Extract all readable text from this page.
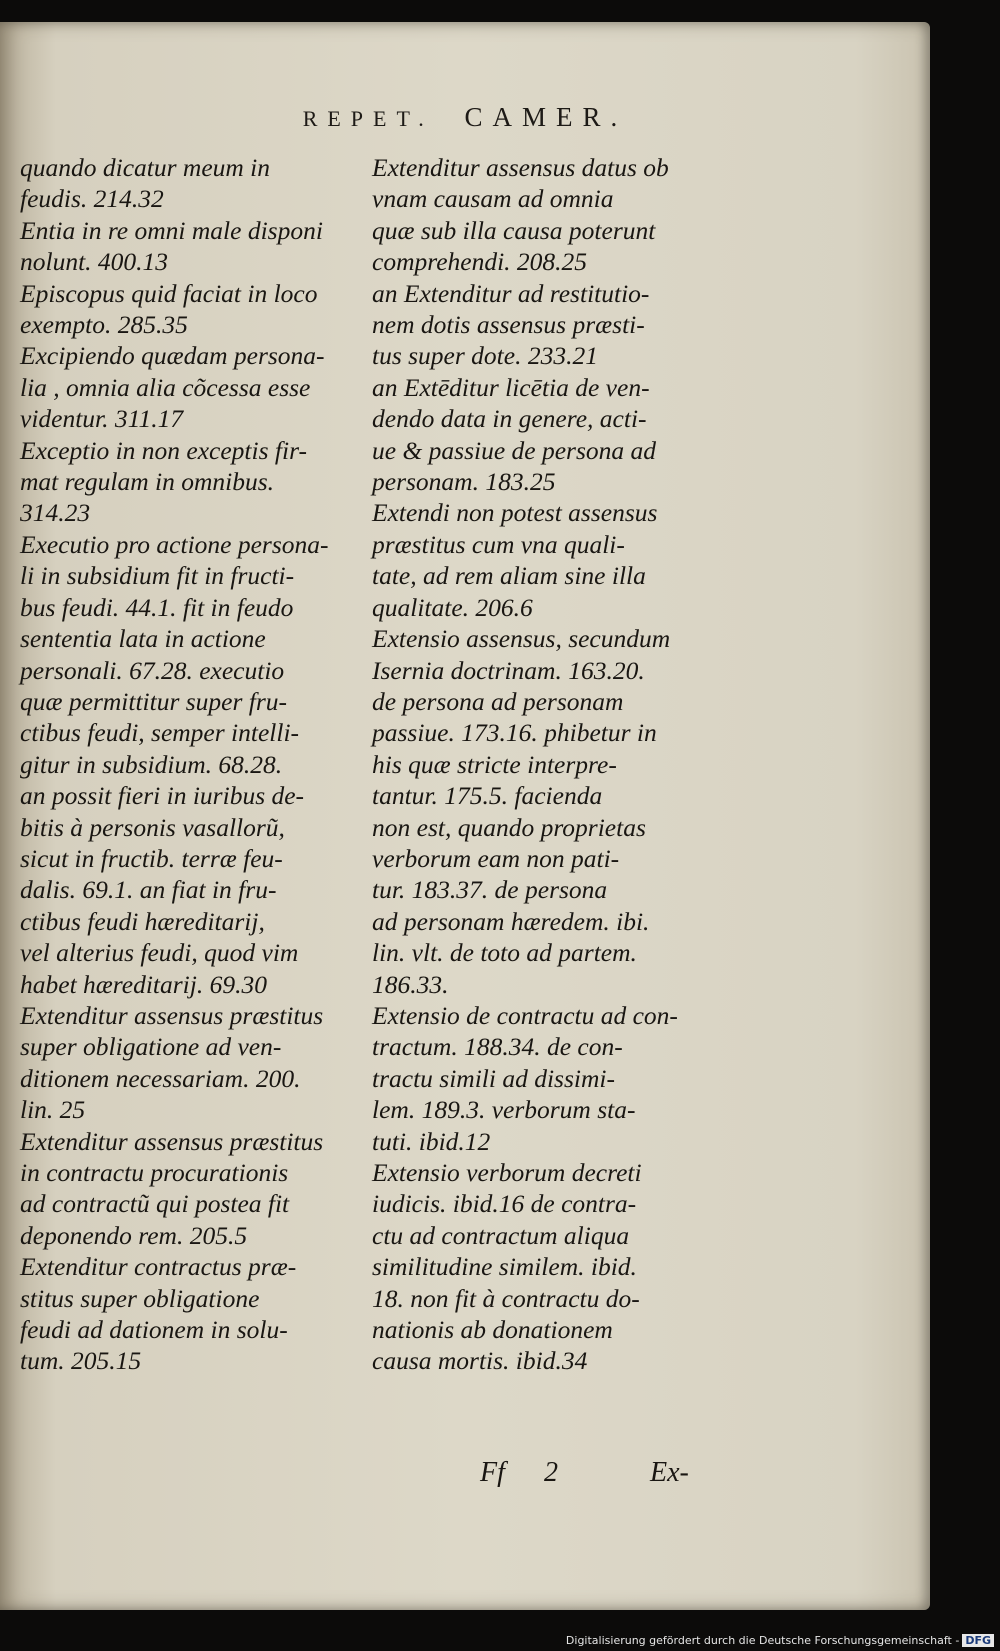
REPET. CAMER.

quando dicatur meum in
feudis. 214.32

Entia in re omni male disponi
nolunt. 400.13

Episcopus quid faciat in loco
exempto. 285.35

Excipiendo quædam persona-
lia , omnia alia cõcessa esse
videntur. 311.17

Exceptio in non exceptis fir-
mat regulam in omnibus.
314.23

Executio pro actione persona-
li in subsidium fit in fructi-
bus feudi. 44.1. fit in feudo
sententia lata in actione
personali. 67.28. executio
quæ permittitur super fru-
ctibus feudi, semper intelli-
gitur in subsidium. 68.28.
an possit fieri in iuribus de-
bitis à personis vasallorũ,
sicut in fructib. terræ feu-
dalis. 69.1. an fiat in fru-
ctibus feudi hæreditarij,
vel alterius feudi, quod vim
habet hæreditarij. 69.30

Extenditur assensus præstitus
super obligatione ad ven-
ditionem necessariam. 200.
lin. 25

Extenditur assensus præstitus
in contractu procurationis
ad contractũ qui postea fit
deponendo rem. 205.5

Extenditur contractus præ-
stitus super obligatione
feudi ad dationem in solu-
tum. 205.15

Extenditur assensus datus ob
vnam causam ad omnia
quæ sub illa causa poterunt
comprehendi. 208.25

an Extenditur ad restitutio-
nem dotis assensus præsti-
tus super dote. 233.21

an Extēditur licētia de ven-
dendo data in genere, acti-
ue & passiue de persona ad
personam. 183.25

Extendi non potest assensus
præstitus cum vna quali-
tate, ad rem aliam sine illa
qualitate. 206.6

Extensio assensus, secundum
Isernia doctrinam. 163.20.
de persona ad personam
passiue. 173.16. phibetur in
his quæ stricte interpre-
tantur. 175.5. facienda
non est, quando proprietas
verborum eam non pati-
tur. 183.37. de persona
ad personam hæredem. ibi.
lin. vlt. de toto ad partem.
186.33.

Extensio de contractu ad con-
tractum. 188.34. de con-
tractu simili ad dissimi-
lem. 189.3. verborum sta-
tuti. ibid.12

Extensio verborum decreti
iudicis. ibid.16 de contra-
ctu ad contractum aliqua
similitudine similem. ibid.
18. non fit à contractu do-
nationis ab donationem
causa mortis. ibid.34

Ff 2	Ex-
Digitalisierung gefördert durch die Deutsche Forschungsgemeinschaft - DFG
